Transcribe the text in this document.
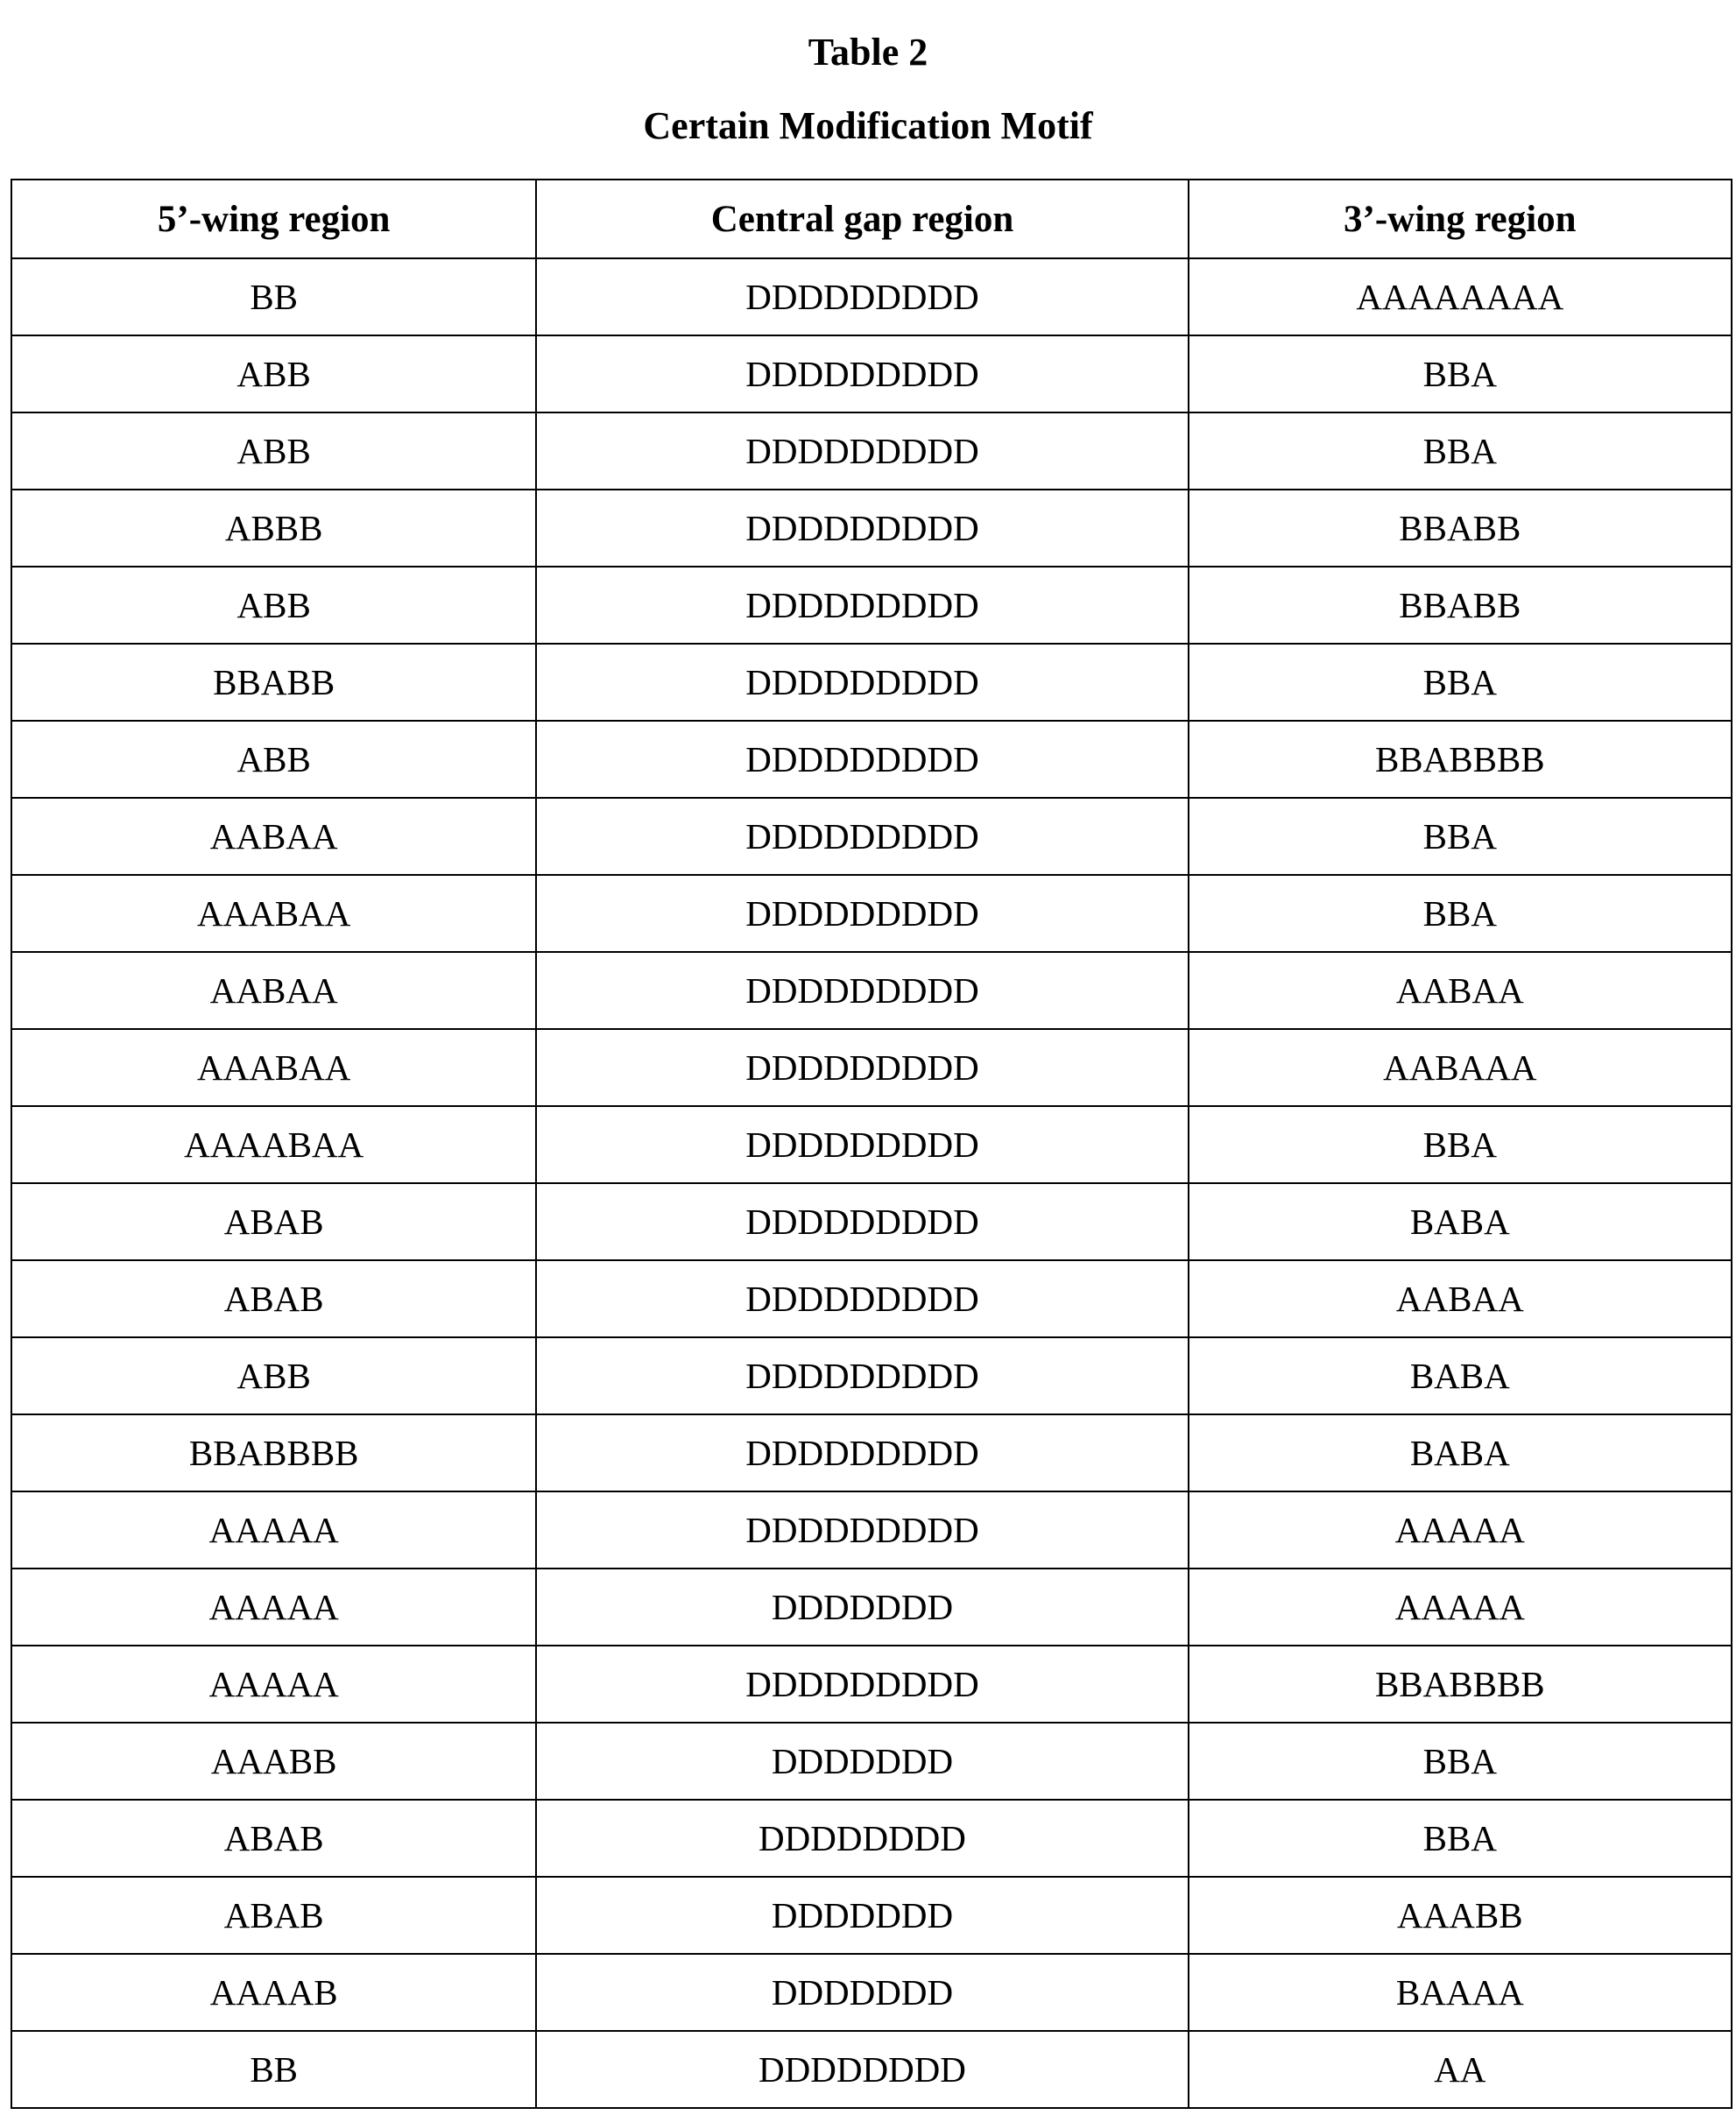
Table 2
Certain Modification Motif
5’-wing region	Central gap region	3’-wing region
BB	DDDDDDDDD	AAAAAAAA
ABB	DDDDDDDDD	BBA
ABB	DDDDDDDDD	BBA
ABBB	DDDDDDDDD	BBABB
ABB	DDDDDDDDD	BBABB
BBABB	DDDDDDDDD	BBA
ABB	DDDDDDDDD	BBABBBB
AABAA	DDDDDDDDD	BBA
AAABAA	DDDDDDDDD	BBA
AABAA	DDDDDDDDD	AABAA
AAABAA	DDDDDDDDD	AABAAA
AAAABAA	DDDDDDDDD	BBA
ABAB	DDDDDDDDD	BABA
ABAB	DDDDDDDDD	AABAA
ABB	DDDDDDDDD	BABA
BBABBBB	DDDDDDDDD	BABA
AAAAA	DDDDDDDDD	AAAAA
AAAAA	DDDDDDD	AAAAA
AAAAA	DDDDDDDDD	BBABBBB
AAABB	DDDDDDD	BBA
ABAB	DDDDDDDD	BBA
ABAB	DDDDDDD	AAABB
AAAAB	DDDDDDD	BAAAA
BB	DDDDDDDD	AA
